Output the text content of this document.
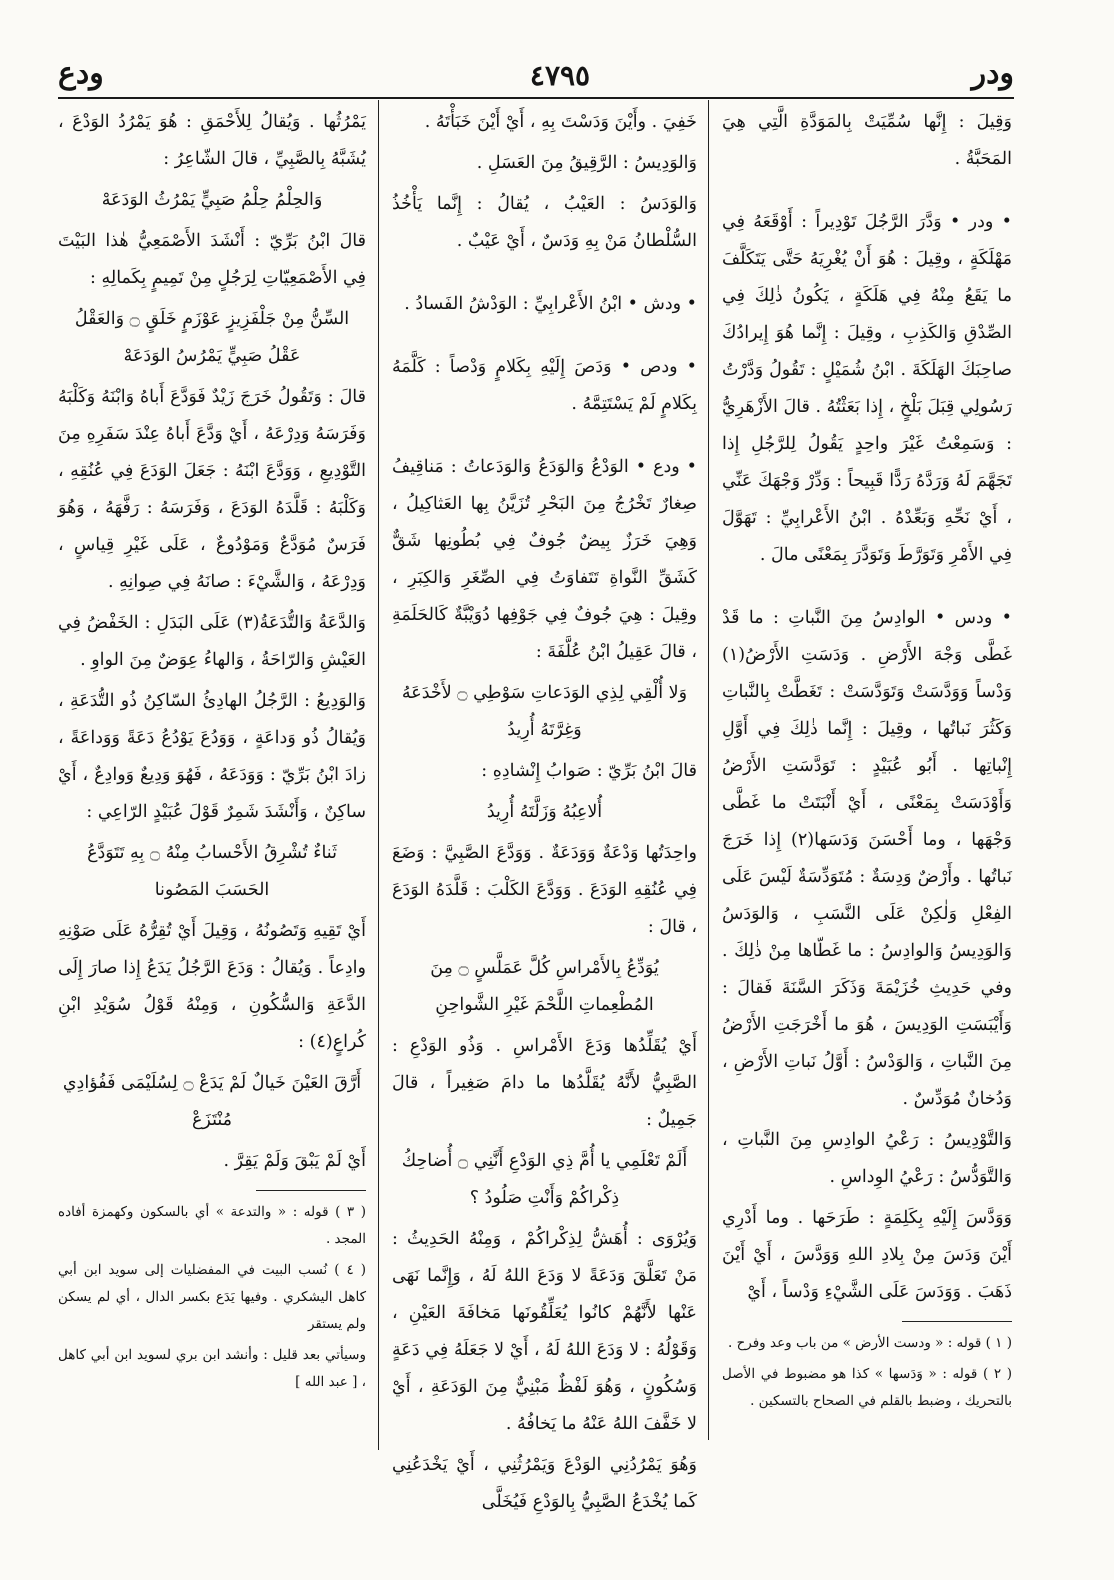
ودر
٤٧٩٥
ودع

وَقِيلَ : إِنَّها سُمِّيَتْ بِالمَوَدَّةِ الَّتِي هِيَ المَحَبَّةُ .

• ودر • وَدَّرَ الرَّجُلَ تَوْدِيراً : أَوْقَعَهُ فِي مَهْلَكَةٍ ، وقِيلَ : هُوَ أَنْ يُغْرِيَهُ حَتَّى يَتَكَلَّفَ ما يَقَعُ مِنْهُ فِي هَلَكَةٍ ، يَكُونُ ذٰلِكَ فِي الصِّدْقِ وَالكَذِبِ ، وقِيلَ : إِنَّما هُوَ إِيرادُكَ صاحِبَكَ الهَلَكَةَ . ابْنُ شُمَيْلٍ : تَقُولُ وَدَّرْتُ رَسُولِي قِبَلَ بَلْخٍ ، إِذا بَعَثْتُهُ . قالَ الأَزْهَرِيُّ : وَسَمِعْتُ غَيْرَ واحِدٍ يَقُولُ لِلرَّجُلِ إِذا تَجَهَّمَ لَهُ وَرَدَّهُ رَدًّا قَبِيحاً : وَدِّرْ وَجْهَكَ عَنِّي ، أَيْ نَحِّهِ وَبَعِّدْهُ . ابْنُ الأَعْرابِيِّ : تَهَوَّلَ فِي الأَمْرِ وَتَوَرَّطَ وَتَوَدَّرَ بِمَعْنًى مالَ .

• ودس • الوادِسُ مِنَ النَّباتِ : ما قَدْ غَطَّى وَجْهَ الأَرْضِ . وَدَسَتِ الأَرْضُ(١) وَدْساً وَوَدَّسَتْ وَتَوَدَّسَتْ : تَغَطَّتْ بِالنَّباتِ وَكَثُرَ نَباتُها ، وقِيلَ : إِنَّما ذٰلِكَ فِي أَوَّلِ إِنْباتِها . أَبُو عُبَيْدٍ : تَوَدَّسَتِ الأَرْضُ وَأَوْدَسَتْ بِمَعْنًى ، أَيْ أَنْبَتَتْ ما غَطَّى وَجْهَها ، وما أَحْسَنَ وَدَسَها(٢) إِذا خَرَجَ نَباتُها . وأَرْضٌ وَدِسَةٌ : مُتَوَدِّسَةٌ لَيْسَ عَلَى الفِعْلِ وَلٰكِنْ عَلَى النَّسَبِ ، وَالوَدَسُ وَالوَدِيسُ وَالوادِسُ : ما غَطّاها مِنْ ذٰلِكَ . وفي حَدِيثِ خُزَيْمَةَ وَذَكَرَ السَّنَةَ فَقالَ : وَأَيْبَسَتِ الوَدِيسَ ، هُوَ ما أَخْرَجَتِ الأَرْضُ مِنَ النَّباتِ ، وَالوَدْسُ : أَوَّلُ نَباتِ الأَرْضِ ، وَدُخانٌ مُوَدِّسٌ .

وَالتَّوْدِيسُ : رَعْيُ الوادِسِ مِنَ النَّباتِ ، وَالتَّوَدُّسُ : رَعْيُ الوِداسِ .

وَوَدَّسَ إِلَيْهِ بِكَلِمَةٍ : طَرَحَها . وما أَدْرِي أَيْنَ وَدَسَ مِنْ بِلادِ اللهِ وَوَدَّسَ ، أَيْ أَيْنَ ذَهَبَ . وَوَدَسَ عَلَى الشَّيْءِ وَدْساً ، أَيْ

( ١ ) قوله : « ودست الأرض » من باب وعد وفرح .

( ٢ ) قوله : « وَدَسها » كذا هو مضبوط في الأصل بالتحريك ، وضبط بالقلم في الصحاح بالتسكين .

خَفِيَ . وأَيْنَ وَدَسْتَ بِهِ ، أَيْ أَيْنَ خَبَأْتَهُ .

وَالوَدِيسُ : الرَّقِيقُ مِنَ العَسَلِ .

وَالوَدَسُ : العَيْبُ ، يُقالُ : إِنَّما يَأْخُذُ السُّلْطانُ مَنْ بِهِ وَدَسٌ ، أَيْ عَيْبٌ .

• ودش • ابْنُ الأَعْرابِيِّ : الوَدْشُ الفَسادُ .

• ودص • وَدَصَ إِلَيْهِ بِكَلامٍ وَدْصاً : كَلَّمَهُ بِكَلامٍ لَمْ يَسْتَتِمَّهُ .

• ودع • الوَدْعُ وَالوَدَعُ وَالوَدَعاتُ : مَناقِيفُ صِغارٌ تَخْرُجُ مِنَ البَحْرِ تُزَيَّنُ بِها العَثاكِيلُ ، وَهِيَ خَرَزٌ بِيضٌ جُوفٌ فِي بُطُونِها شَقٌّ كَشَقِّ النَّواةِ تَتَفاوَتُ فِي الصِّغَرِ وَالكِبَرِ ، وقِيلَ : هِيَ جُوفٌ فِي جَوْفِها دُوَيْبَّةٌ كَالحَلَمَةِ ، قالَ عَقِيلُ ابْنُ عُلَّفَةَ :

وَلا أُلْقِي لِذِي الوَدَعاتِ سَوْطِي ۝ لأَخْدَعَهُ وَغِرَّتَهُ أُرِيدُ

قالَ ابْنُ بَرِّيّ : صَوابُ إِنْشادِهِ :

أُلاعِبُهُ وَزَلَّتَهُ أُرِيدُ

واحِدَتُها وَدْعَةٌ وَوَدَعَةٌ . وَوَدَّعَ الصَّبِيَّ : وَضَعَ فِي عُنُقِهِ الوَدَعَ . وَوَدَّعَ الكَلْبَ : قَلَّدَهُ الوَدَعَ ، قالَ :

يُوَدِّعُ بِالأَمْراسِ كُلَّ عَمَلَّسٍ ۝ مِنَ المُطْعِماتِ اللَّحْمَ غَيْرِ الشَّواحِنِ

أَيْ يُقَلِّدُها وَدَعَ الأَمْراسِ . وَذُو الوَدْعِ : الصَّبِيُّ لأَنَّهُ يُقَلَّدُها ما دامَ صَغِيراً ، قالَ جَمِيلٌ :

أَلَمْ تَعْلَمِي يا أُمَّ ذِي الوَدْعِ أَنَّنِي ۝ أُضاحِكُ ذِكْراكُمْ وَأَنْتِ صَلُودُ ؟

وَيُرْوَى : أُهَشُّ لِذِكْراكُمْ ، وَمِنْهُ الحَدِيثُ : مَنْ تَعَلَّقَ وَدَعَةً لا وَدَعَ اللهُ لَهُ ، وَإِنَّما نَهَى عَنْها لأَنَّهُمْ كانُوا يُعَلِّقُونَها مَخافَةَ العَيْنِ ، وَقَوْلُهُ : لا وَدَعَ اللهُ لَهُ ، أَيْ لا جَعَلَهُ فِي دَعَةٍ وَسُكُونٍ ، وَهُوَ لَفْظٌ مَبْنِيٌّ مِنَ الوَدَعَةِ ، أَيْ لا خَفَّفَ اللهُ عَنْهُ ما يَخافُهُ .

وَهُوَ يَمْرُدُنِي الوَدْعَ وَيَمْرُثُنِي ، أَيْ يَخْدَعُنِي كَما يُخْدَعُ الصَّبِيُّ بِالوَدْعِ فَيُخَلَّى

يَمْرُثُها . وَيُقالُ لِلأَحْمَقِ : هُوَ يَمْرُدُ الوَدْعَ ، يُشَبَّهُ بِالصَّبِيِّ ، قالَ الشّاعِرُ :

وَالحِلْمُ حِلْمُ صَبِيٍّ يَمْرُثُ الوَدَعَهْ

قالَ ابْنُ بَرِّيّ : أَنْشَدَ الأَصْمَعِيُّ هٰذا البَيْتَ فِي الأَصْمَعِيّاتِ لِرَجُلٍ مِنْ تَمِيمٍ بِكَمالِهِ :

السِّنُّ مِنْ جَلْفَزِيزٍ عَوْزَمٍ خَلَقٍ ۝ وَالعَقْلُ عَقْلُ صَبِيٍّ يَمْرُسُ الوَدَعَهْ

قالَ : وَتَقُولُ خَرَجَ زَيْدٌ فَوَدَّعَ أَباهُ وَابْنَهُ وَكَلْبَهُ وَفَرَسَهُ وَدِرْعَهُ ، أَيْ وَدَّعَ أَباهُ عِنْدَ سَفَرِهِ مِنَ التَّوْدِيعِ ، وَوَدَّعَ ابْنَهُ : جَعَلَ الوَدَعَ فِي عُنُقِهِ ، وَكَلْبَهُ : قَلَّدَهُ الوَدَعَ ، وَفَرَسَهُ : رَفَّهَهُ ، وَهُوَ فَرَسٌ مُوَدَّعٌ وَمَوْدُوعٌ ، عَلَى غَيْرِ قِياسٍ ، وَدِرْعَهُ ، وَالشَّيْءَ : صانَهُ فِي صِوانِهِ .

وَالدَّعَةُ وَالتُّدَعَةُ(٣) عَلَى البَدَلِ : الخَفْضُ فِي العَيْشِ وَالرّاحَةُ ، وَالهاءُ عِوَضٌ مِنَ الواوِ .

وَالوَدِيعُ : الرَّجُلُ الهادِئُ السّاكِنُ ذُو التُّدَعَةِ ، وَيُقالُ ذُو وَداعَةٍ ، وَوَدُعَ يَوْدُعُ دَعَةً وَوَداعَةً ، زادَ ابْنُ بَرِّيّ : وَوَدَعَهُ ، فَهُوَ وَدِيعٌ وَوادِعٌ ، أَيْ ساكِنٌ ، وَأَنْشَدَ شَمِرٌ قَوْلَ عُبَيْدٍ الرّاعِي :

ثَناءٌ تُشْرِقُ الأَحْسابُ مِنْهُ ۝ بِهِ تَتَوَدَّعُ الحَسَبَ المَصُونا

أَيْ تَقِيهِ وَتَصُونُهُ ، وَقِيلَ أَيْ تُقِرُّهُ عَلَى صَوْنِهِ وادِعاً . وَيُقالُ : وَدَعَ الرَّجُلُ يَدَعُ إِذا صارَ إِلَى الدَّعَةِ وَالسُّكُونِ ، وَمِنْهُ قَوْلُ سُوَيْدِ ابْنِ كُراعٍ(٤) :

أَرَّقَ العَيْنَ خَيالٌ لَمْ يَدَعْ ۝ لِسُلَيْمَى فَفُؤادِي مُنْتَزَعْ

أَيْ لَمْ يَبْقَ وَلَمْ يَقِرَّ .

( ٣ ) قوله : « والتدعة » أي بالسكون وكهمزة أفاده المجد .

( ٤ ) نُسب البيت في المفضليات إلى سويد ابن أبي كاهل اليشكري . وفيها يَدَع بكسر الدال ، أي لم يسكن ولم يستقر

وسيأتي بعد قليل : وأنشد ابن بري لسويد ابن أبي كاهل ، [ عبد الله ]
